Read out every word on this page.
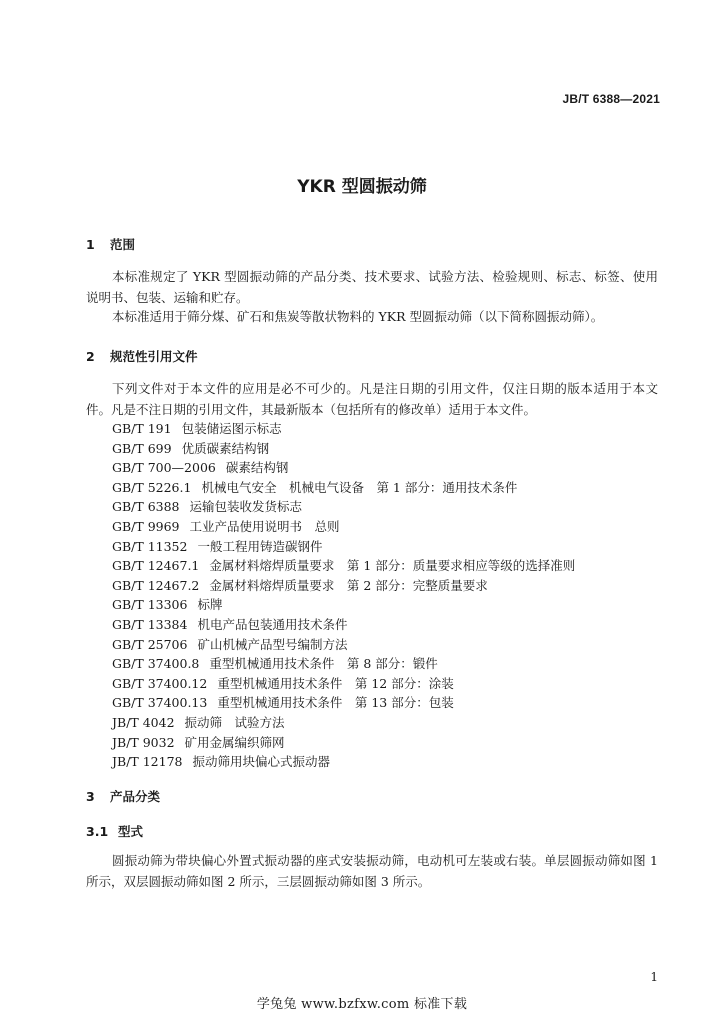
JB/T 6388—2021
YKR 型圆振动筛
1 范围
本标准规定了 YKR 型圆振动筛的产品分类、技术要求、试验方法、检验规则、标志、标签、使用说明书、包装、运输和贮存。
本标准适用于筛分煤、矿石和焦炭等散状物料的 YKR 型圆振动筛（以下简称圆振动筛）。
2 规范性引用文件
下列文件对于本文件的应用是必不可少的。凡是注日期的引用文件，仅注日期的版本适用于本文件。凡是不注日期的引用文件，其最新版本（包括所有的修改单）适用于本文件。
GB/T 191 包装储运图示标志
GB/T 699 优质碳素结构钢
GB/T 700—2006 碳素结构钢
GB/T 5226.1 机械电气安全　机械电气设备　第 1 部分：通用技术条件
GB/T 6388 运输包装收发货标志
GB/T 9969 工业产品使用说明书　总则
GB/T 11352 一般工程用铸造碳钢件
GB/T 12467.1 金属材料熔焊质量要求　第 1 部分：质量要求相应等级的选择准则
GB/T 12467.2 金属材料熔焊质量要求　第 2 部分：完整质量要求
GB/T 13306 标牌
GB/T 13384 机电产品包装通用技术条件
GB/T 25706 矿山机械产品型号编制方法
GB/T 37400.8 重型机械通用技术条件　第 8 部分：锻件
GB/T 37400.12 重型机械通用技术条件　第 12 部分：涂装
GB/T 37400.13 重型机械通用技术条件　第 13 部分：包装
JB/T 4042 振动筛　试验方法
JB/T 9032 矿用金属编织筛网
JB/T 12178 振动筛用块偏心式振动器
3 产品分类
3.1 型式
圆振动筛为带块偏心外置式振动器的座式安装振动筛，电动机可左装或右装。单层圆振动筛如图 1 所示，双层圆振动筛如图 2 所示，三层圆振动筛如图 3 所示。
1
学兔兔 www.bzfxw.com 标准下载
